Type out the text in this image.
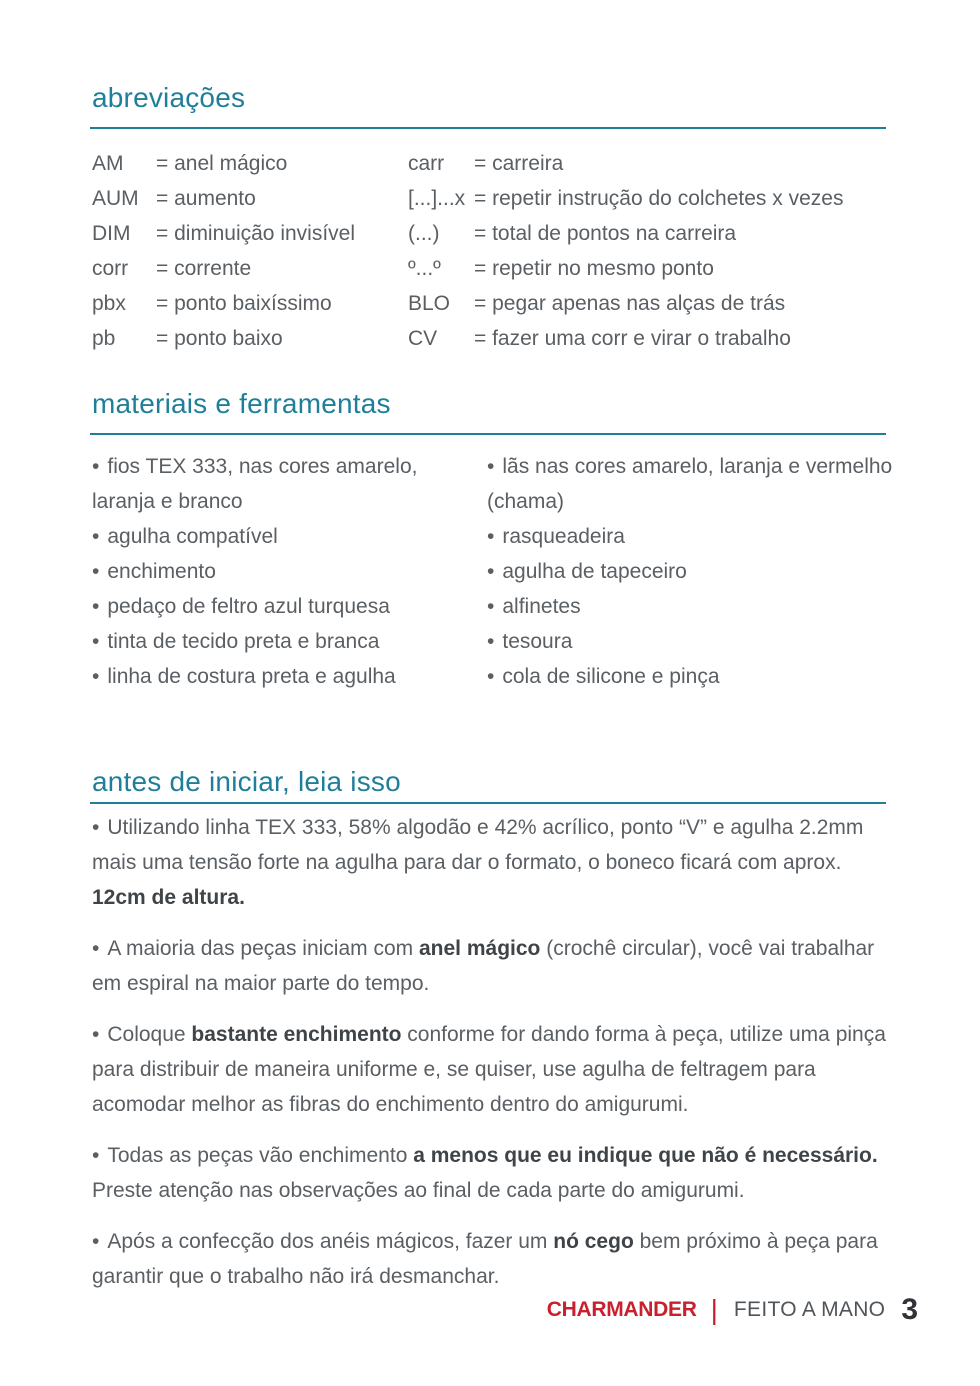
abreviações
AM = anel mágico	carr = carreira
AUM = aumento	[...]...x = repetir instrução do colchetes x vezes
DIM = diminuição invisível	(...) = total de pontos na carreira
corr = corrente	º...º = repetir no mesmo ponto
pbx = ponto baixíssimo	BLO = pegar apenas nas alças de trás
pb = ponto baixo	CV = fazer uma corr e virar o trabalho
materiais e ferramentas
• fios TEX 333, nas cores amarelo,
laranja e branco
• agulha compatível
• enchimento
• pedaço de feltro azul turquesa
• tinta de tecido preta e branca
• linha de costura preta e agulha
• lãs nas cores amarelo, laranja e vermelho
(chama)
• rasqueadeira
• agulha de tapeceiro
• alfinetes
• tesoura
• cola de silicone e pinça
antes de iniciar, leia isso

• Utilizando linha TEX 333, 58% algodão e 42% acrílico, ponto “V” e agulha 2.2mm mais uma tensão forte na agulha para dar o formato, o boneco ficará com aprox. 12cm de altura.

• A maioria das peças iniciam com anel mágico (crochê circular), você vai trabalhar em espiral na maior parte do tempo.

• Coloque bastante enchimento conforme for dando forma à peça, utilize uma pinça para distribuir de maneira uniforme e, se quiser, use agulha de feltragem para acomodar melhor as fibras do enchimento dentro do amigurumi.

• Todas as peças vão enchimento a menos que eu indique que não é necessário. Preste atenção nas observações ao final de cada parte do amigurumi.

• Após a confecção dos anéis mágicos, fazer um nó cego bem próximo à peça para garantir que o trabalho não irá desmanchar.

CHARMANDER | FEITO A MANO 3
